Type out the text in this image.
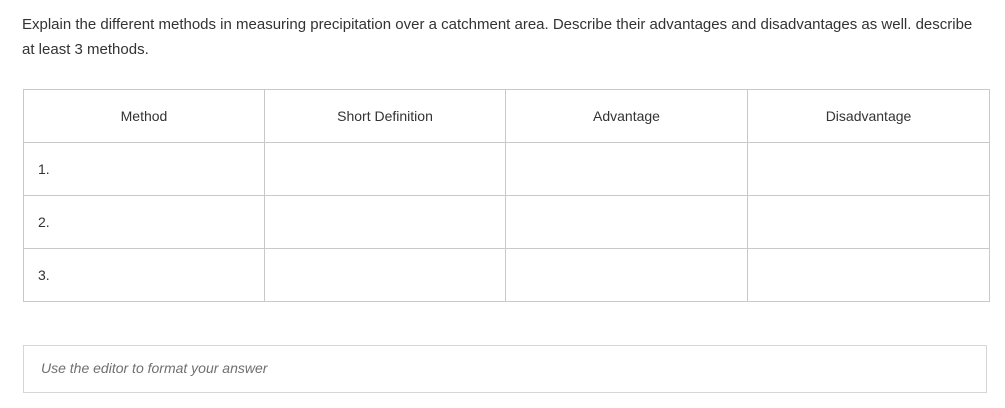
Explain the different methods in measuring precipitation over a catchment area. Describe their advantages and disadvantages as well. describe at least 3 methods.

Method	Short Definition	Advantage	Disadvantage
1.			
2.			
3.			
Use the editor to format your answer
